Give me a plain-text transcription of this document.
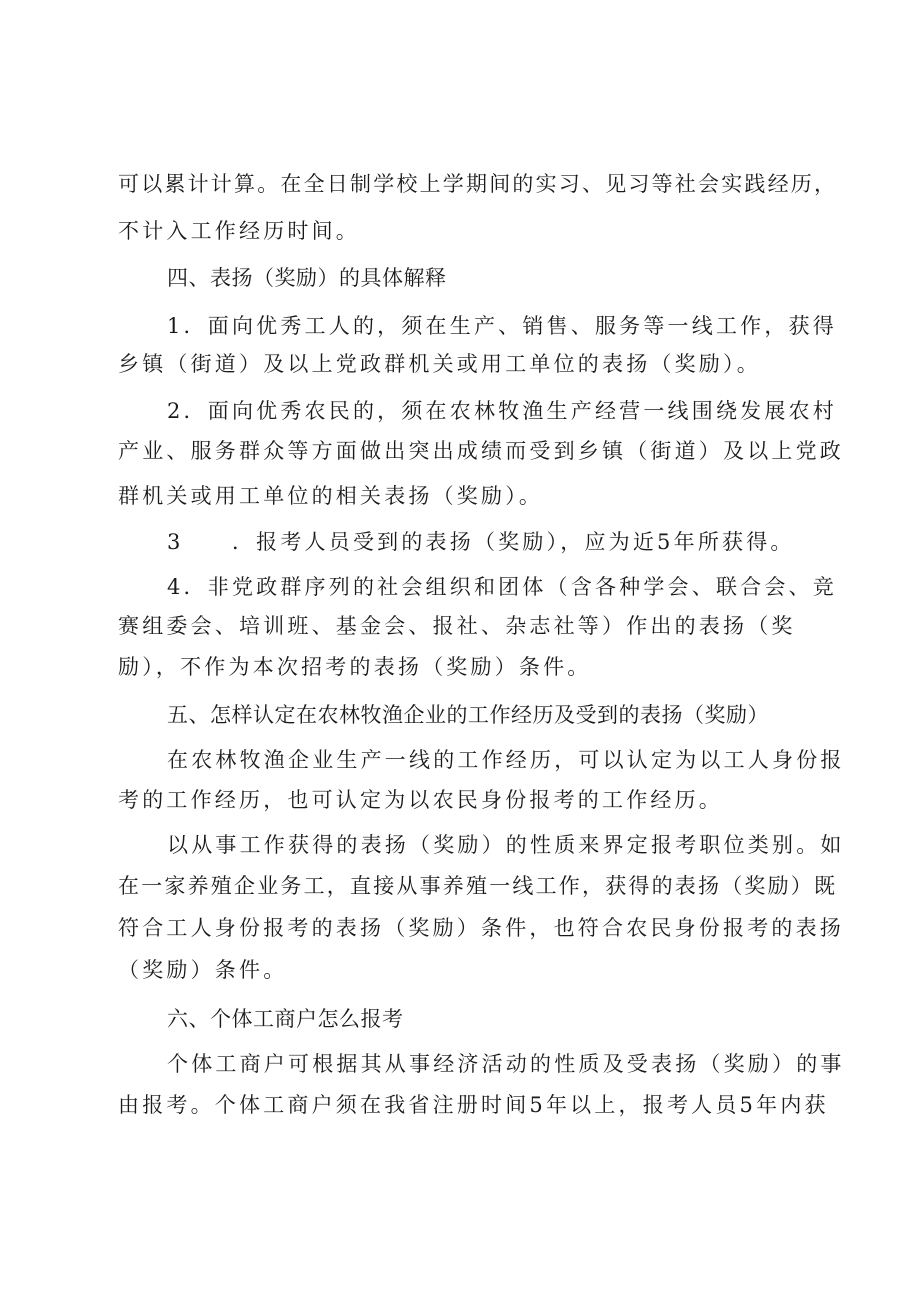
可以累计计算。在全日制学校上学期间的实习、见习等社会实践经历，
不计入工作经历时间。
四、表扬（奖励）的具体解释
1．面向优秀工人的，须在生产、销售、服务等一线工作，获得
乡镇（街道）及以上党政群机关或用工单位的表扬（奖励）。
2．面向优秀农民的，须在农林牧渔生产经营一线围绕发展农村
产业、服务群众等方面做出突出成绩而受到乡镇（街道）及以上党政
群机关或用工单位的相关表扬（奖励）。
3　　．报考人员受到的表扬（奖励），应为近5年所获得。
4．非党政群序列的社会组织和团体（含各种学会、联合会、竞
赛组委会、培训班、基金会、报社、杂志社等）作出的表扬（奖
励），不作为本次招考的表扬（奖励）条件。
五、怎样认定在农林牧渔企业的工作经历及受到的表扬（奖励）
在农林牧渔企业生产一线的工作经历，可以认定为以工人身份报
考的工作经历，也可认定为以农民身份报考的工作经历。
以从事工作获得的表扬（奖励）的性质来界定报考职位类别。如
在一家养殖企业务工，直接从事养殖一线工作，获得的表扬（奖励）既
符合工人身份报考的表扬（奖励）条件，也符合农民身份报考的表扬
（奖励）条件。
六、个体工商户怎么报考
个体工商户可根据其从事经济活动的性质及受表扬（奖励）的事
由报考。个体工商户须在我省注册时间5年以上，报考人员5年内获
